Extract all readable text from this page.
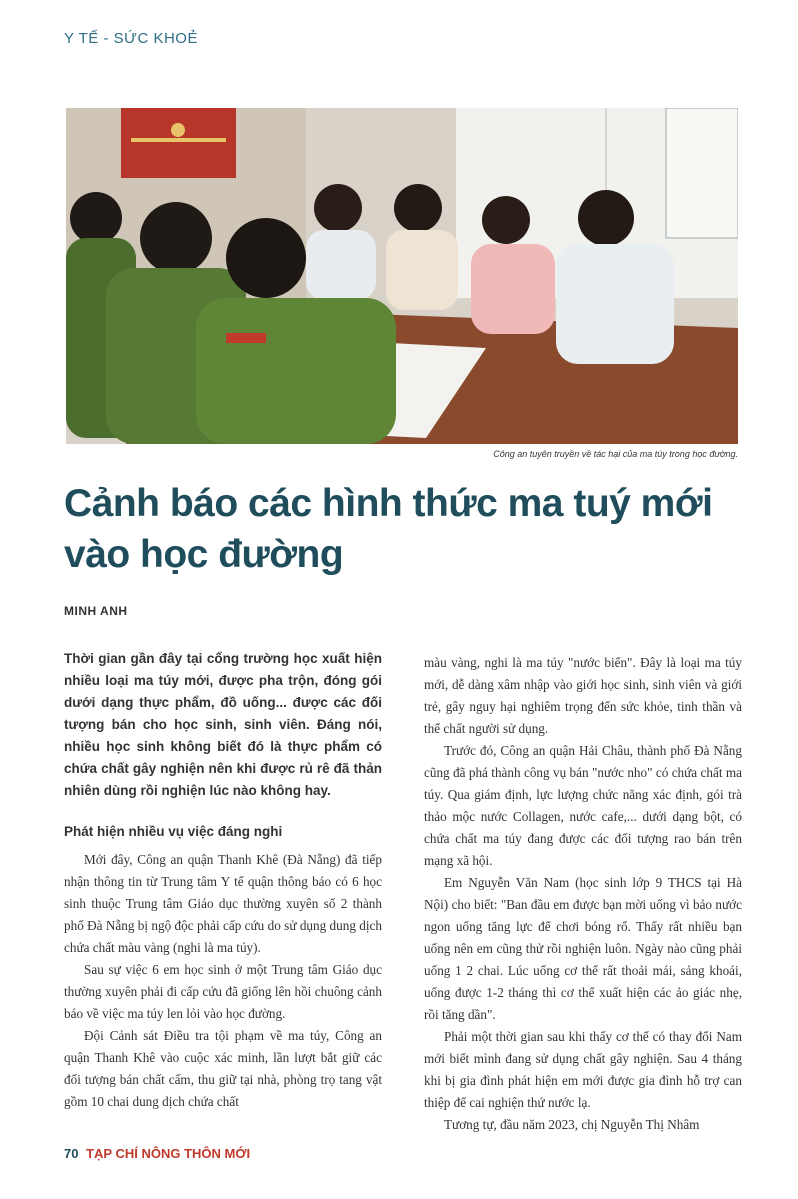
Y TẾ - SỨC KHOẺ
Công an tuyên truyền về tác hại của ma túy trong học đường.
Cảnh báo các hình thức ma tuý mới vào học đường
MINH ANH

Thời gian gần đây tại cổng trường học xuất hiện nhiều loại ma túy mới, được pha trộn, đóng gói dưới dạng thực phẩm, đồ uống... được các đối tượng bán cho học sinh, sinh viên. Đáng nói, nhiều học sinh không biết đó là thực phẩm có chứa chất gây nghiện nên khi được rủ rê đã thản nhiên dùng rồi nghiện lúc nào không hay.

Phát hiện nhiều vụ việc đáng nghi

Mới đây, Công an quận Thanh Khê (Đà Nẵng) đã tiếp nhận thông tin từ Trung tâm Y tế quận thông báo có 6 học sinh thuộc Trung tâm Giáo dục thường xuyên số 2 thành phố Đà Nẵng bị ngộ độc phải cấp cứu do sử dụng dung dịch chứa chất màu vàng (nghi là ma túy).

Sau sự việc 6 em học sinh ở một Trung tâm Giáo dục thường xuyên phải đi cấp cứu đã giống lên hồi chuông cảnh báo về việc ma túy len lỏi vào học đường.

Đội Cảnh sát Điều tra tội phạm về ma túy, Công an quận Thanh Khê vào cuộc xác minh, lần lượt bắt giữ các đối tượng bán chất cấm, thu giữ tại nhà, phòng trọ tang vật gồm 10 chai dung dịch chứa chất

màu vàng, nghi là ma túy "nước biển". Đây là loại ma túy mới, dễ dàng xâm nhập vào giới học sinh, sinh viên và giới trẻ, gây nguy hại nghiêm trọng đến sức khỏe, tinh thần và thể chất người sử dụng.

Trước đó, Công an quận Hải Châu, thành phố Đà Nẵng cũng đã phá thành công vụ bán "nước nho" có chứa chất ma túy. Qua giám định, lực lượng chức năng xác định, gói trà thảo mộc nước Collagen, nước cafe,... dưới dạng bột, có chứa chất ma túy đang được các đối tượng rao bán trên mạng xã hội.

Em Nguyễn Văn Nam (học sinh lớp 9 THCS tại Hà Nội) cho biết: "Ban đầu em được bạn mời uống vì bảo nước ngon uống tăng lực để chơi bóng rổ. Thấy rất nhiều bạn uống nên em cũng thử rồi nghiện luôn. Ngày nào cũng phải uống 1 2 chai. Lúc uống cơ thể rất thoải mái, sảng khoái, uống được 1-2 tháng thì cơ thể xuất hiện các ảo giác nhẹ, rồi tăng dần".

Phải một thời gian sau khi thấy cơ thể có thay đổi Nam mới biết mình đang sử dụng chất gây nghiện. Sau 4 tháng khi bị gia đình phát hiện em mới được gia đình hỗ trợ can thiệp để cai nghiện thứ nước lạ.

Tương tự, đầu năm 2023, chị Nguyễn Thị Nhâm

70 TẠP CHÍ NÔNG THÔN MỚI
